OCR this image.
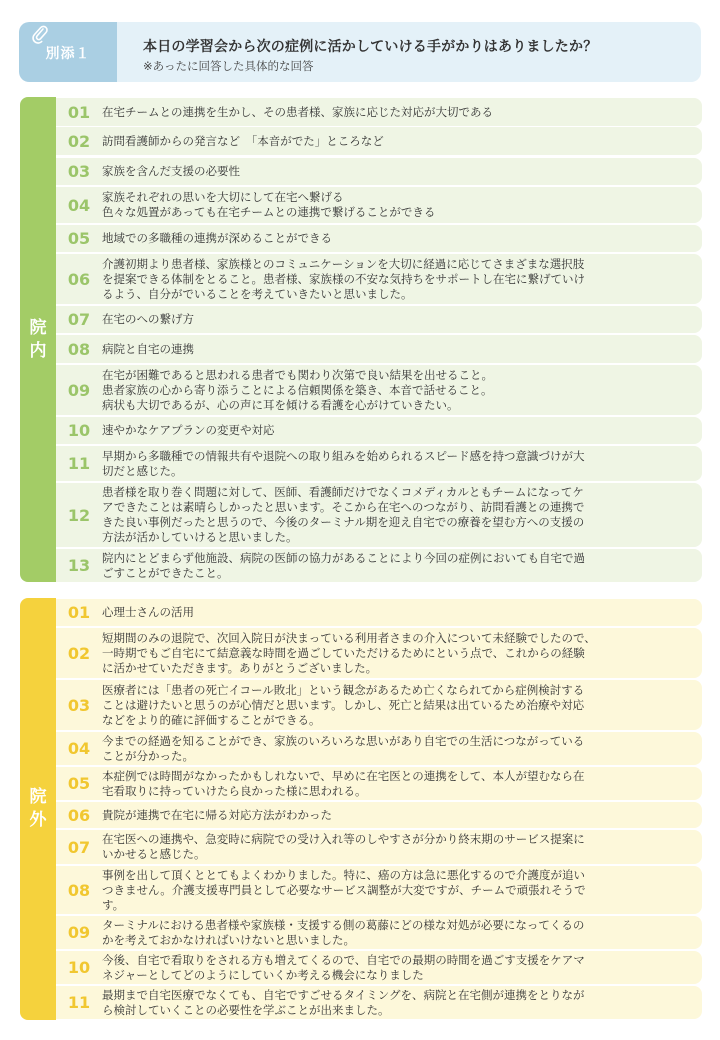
別添１	本日の学習会から次の症例に活かしていける手がかりはありましたか？
※あったに回答した具体的な回答
院内
01	在宅チームとの連携を生かし、その患者様、家族に応じた対応が大切である
02	訪問看護師からの発言など　「本音がでた」ところなど
03	家族を含んだ支援の必要性
04	家族それぞれの思いを大切にして在宅へ繋げる
色々な処置があっても在宅チームとの連携で繋げることができる
05	地域での多職種の連携が深めることができる
06
介護初期より患者様、家族様とのコミュニケーションを大切に経過に応じてさまざまな選択肢
を提案できる体制をとること。患者様、家族様の不安な気持ちをサポートし在宅に繋げていけ
るよう、自分がでいることを考えていきたいと思いました。
07	在宅のへの繋げ方
08	病院と自宅の連携
09
在宅が困難であると思われる患者でも関わり次第で良い結果を出せること。
患者家族の心から寄り添うことによる信頼関係を築き、本音で話せること。
病状も大切であるが、心の声に耳を傾ける看護を心がけていきたい。
10	速やかなケアプランの変更や対応
11	早期から多職種での情報共有や退院への取り組みを始められるスピード感を持つ意識づけが大
切だと感じた。
12
患者様を取り巻く問題に対して、医師、看護師だけでなくコメディカルともチームになってケ
アできたことは素晴らしかったと思います。そこから在宅へのつながり、訪問看護との連携で
きた良い事例だったと思うので、今後のターミナル期を迎え自宅での療養を望む方への支援の
方法が活かしていけると思いました。
13	院内にとどまらず他施設、病院の医師の協力があることにより今回の症例においても自宅で過
ごすことができたこと。
院外
01	心理士さんの活用
02
短期間のみの退院で、次回入院日が決まっている利用者さまの介入について未経験でしたので、
一時期でもご自宅にて結意義な時間を過ごしていただけるためにという点で、これからの経験
に活かせていただきます。ありがとうございました。
03
医療者には「患者の死亡イコール敗北」という観念があるため亡くなられてから症例検討する
ことは避けたいと思うのが心情だと思います。しかし、死亡と結果は出ているため治療や対応
などをより的確に評価することができる。
04	今までの経過を知ることができ、家族のいろいろな思いがあり自宅での生活につながっている
ことが分かった。
05	本症例では時間がなかったかもしれないで、早めに在宅医との連携をして、本人が望むなら在
宅看取りに持っていけたら良かった様に思われる。
06	貴院が連携で在宅に帰る対応方法がわかった
07	在宅医への連携や、急変時に病院での受け入れ等のしやすさが分かり終末期のサービス提案に
いかせると感じた。
08
事例を出して頂くととてもよくわかりました。特に、癌の方は急に悪化するので介護度が追い
つきません。介護支援専門員として必要なサービス調整が大変ですが、チームで頑張れそうで
す。
09	ターミナルにおける患者様や家族様・支援する側の葛藤にどの様な対処が必要になってくるの
かを考えておかなければいけないと思いました。
10	今後、自宅で看取りをされる方も増えてくるので、自宅での最期の時間を過ごす支援をケアマ
ネジャーとしてどのようにしていくか考える機会になりました
11	最期まで自宅医療でなくても、自宅ですごせるタイミングを、病院と在宅側が連携をとりなが
ら検討していくことの必要性を学ぶことが出来ました。
